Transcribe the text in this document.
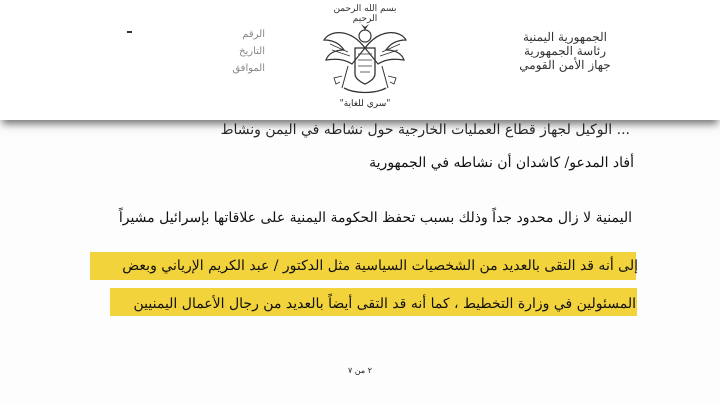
بسم الله الرحمن الرحيم
الرقم
التاريخ
الموافق
الجمهورية اليمنية
رئاسة الجمهورية
جهاز الأمن القومي
"سري للغاية"
... الوكيل لجهاز قطاع العمليات الخارجية حول نشاطه في اليمن ونشاط
أفاد المدعو/ كاشدان أن نشاطه في الجمهورية
اليمنية لا زال محدود جداً وذلك بسبب تحفظ الحكومة اليمنية على علاقاتها بإسرائيل مشيراً
إلى أنه قد التقى بالعديد من الشخصيات السياسية مثل الدكتور / عبد الكريم الإرياني وبعض
المسئولين في وزارة التخطيط ، كما أنه قد التقى أيضاً بالعديد من رجال الأعمال اليمنيين
٢ من ٧
